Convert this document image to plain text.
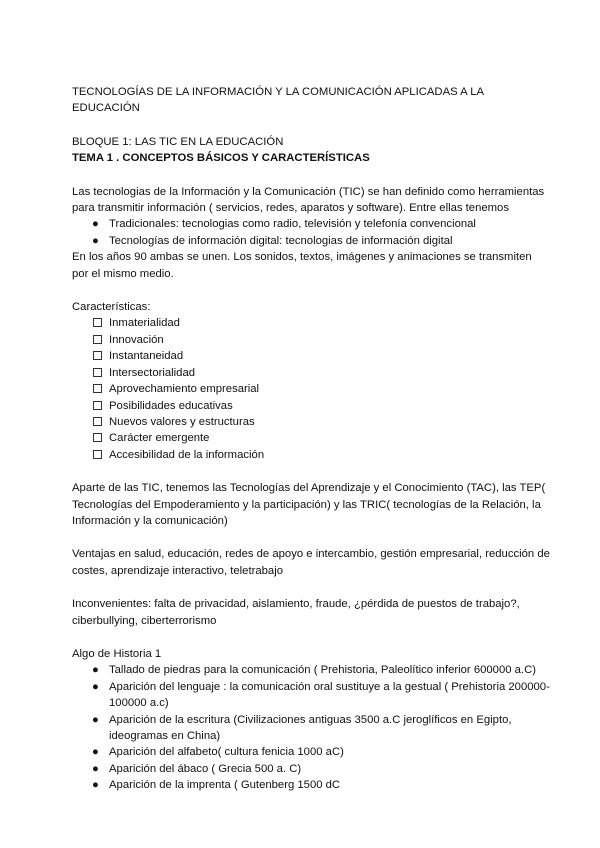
TECNOLOGÍAS DE LA INFORMACIÓN Y LA COMUNICACIÓN APLICADAS A LA EDUCACIÓN

BLOQUE 1: LAS TIC EN LA EDUCACIÓN

TEMA 1 . CONCEPTOS BÁSICOS Y CARACTERÍSTICAS

Las tecnologias de la Información y la Comunicación (TIC) se han definido como herramientas para transmitir información ( servicios, redes, aparatos y software). Entre ellas tenemos

● Tradicionales: tecnologias como radio, televisión y telefonía convencional
● Tecnologías de información digital: tecnologias de información digital

En los años 90 ambas se unen. Los sonidos, textos, imágenes y animaciones se transmiten por el mismo medio.

Características:

Inmaterialidad
Innovación
Instantaneidad
Intersectorialidad
Aprovechamiento empresarial
Posibilidades educativas
Nuevos valores y estructuras
Carácter emergente
Accesibilidad de la información

Aparte de las TIC, tenemos las Tecnologías del Aprendizaje y el Conocimiento (TAC), las TEP( Tecnologías del Empoderamiento y la participación) y las TRIC( tecnologías de la Relación, la Información y la comunicación)

Ventajas en salud, educación, redes de apoyo e intercambio, gestión empresarial, reducción de costes, aprendizaje interactivo, teletrabajo

Inconvenientes: falta de privacidad, aislamiento, fraude, ¿pérdida de puestos de trabajo?, ciberbullying, ciberterrorismo

Algo de Historia 1

● Tallado de piedras para la comunicación ( Prehistoria, Paleolítico inferior 600000 a.C)
● Aparición del lenguaje : la comunicación oral sustituye a la gestual ( Prehistoria 200000-100000 a.c)
● Aparición de la escritura (Civilizaciones antiguas 3500 a.C jeroglíficos en Egipto, ideogramas en China)
● Aparición del alfabeto( cultura fenicia 1000 aC)
● Aparición del ábaco ( Grecia 500 a. C)
● Aparición de la imprenta ( Gutenberg 1500 dC
